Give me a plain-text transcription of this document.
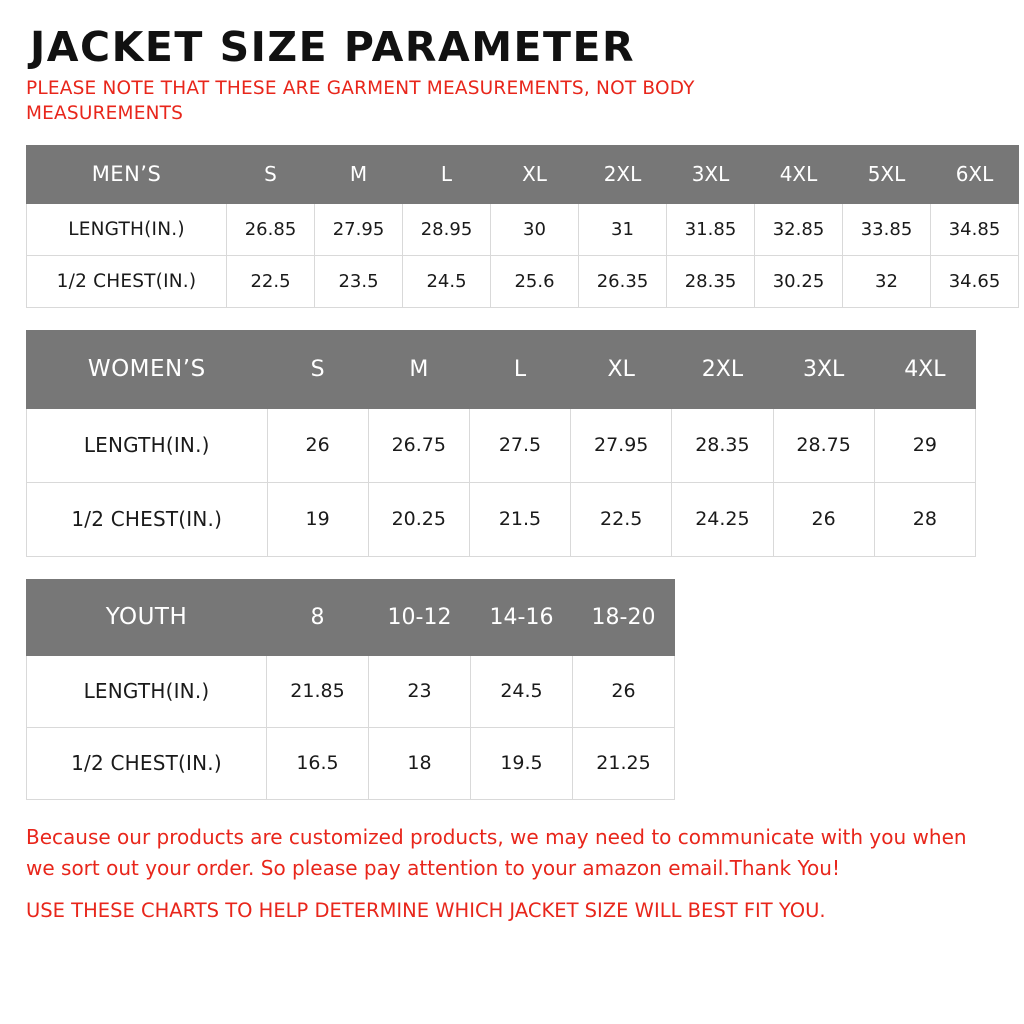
JACKET SIZE PARAMETER
PLEASE NOTE THAT THESE ARE GARMENT MEASUREMENTS, NOT BODY MEASUREMENTS
MEN’S	S	M	L	XL	2XL	3XL	4XL	5XL	6XL
LENGTH(IN.)	26.85	27.95	28.95	30	31	31.85	32.85	33.85	34.85
1/2 CHEST(IN.)	22.5	23.5	24.5	25.6	26.35	28.35	30.25	32	34.65
WOMEN’S	S	M	L	XL	2XL	3XL	4XL
LENGTH(IN.)	26	26.75	27.5	27.95	28.35	28.75	29
1/2 CHEST(IN.)	19	20.25	21.5	22.5	24.25	26	28
YOUTH	8	10-12	14-16	18-20
LENGTH(IN.)	21.85	23	24.5	26
1/2 CHEST(IN.)	16.5	18	19.5	21.25
Because our products are customized products, we may need to communicate with you when we sort out your order. So please pay attention to your amazon email.Thank You!
USE THESE CHARTS TO HELP DETERMINE WHICH JACKET SIZE WILL BEST FIT YOU.
